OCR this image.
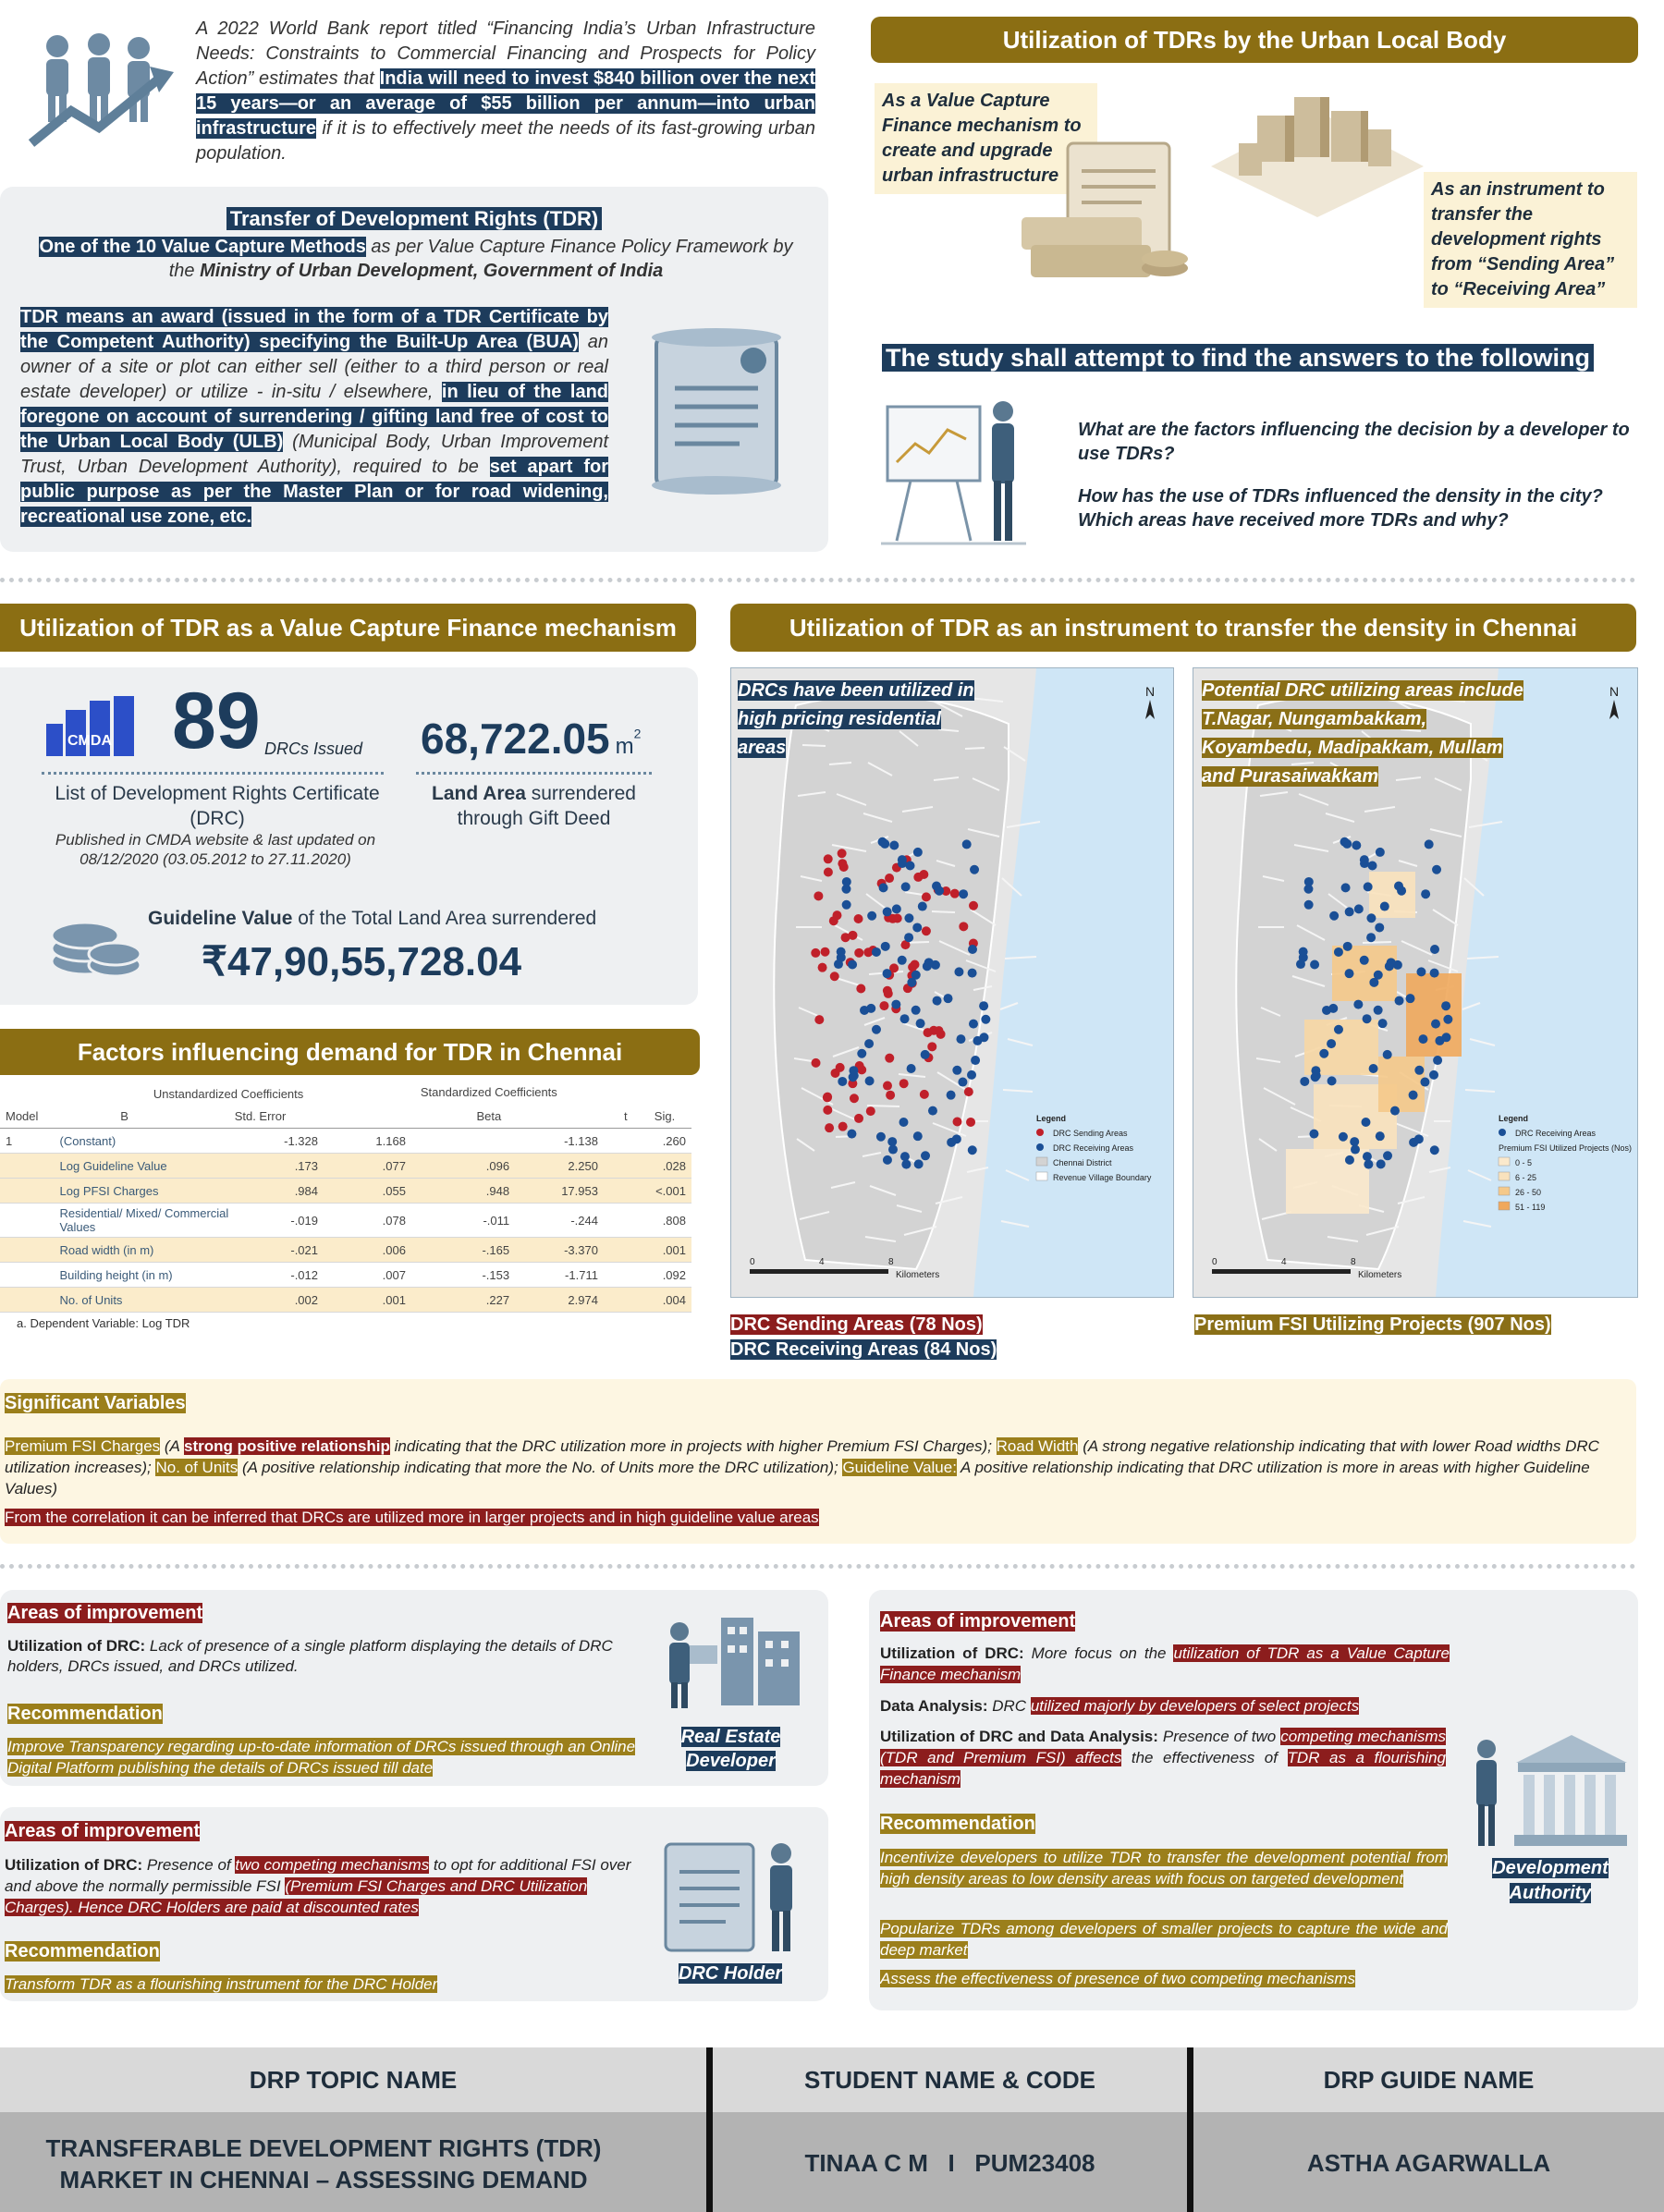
A 2022 World Bank report titled “Financing India’s Urban Infrastructure Needs: Constraints to Commercial Financing and Prospects for Policy Action” estimates that India will need to invest $840 billion over the next 15 years—or an average of $55 billion per annum—into urban infrastructure if it is to effectively meet the needs of its fast-growing urban population.
Transfer of Development Rights (TDR)
One of the 10 Value Capture Methods as per Value Capture Finance Policy Framework by the Ministry of Urban Development, Government of India
TDR means an award (issued in the form of a TDR Certificate by the Competent Authority) specifying the Built-Up Area (BUA) an owner of a site or plot can either sell (either to a third person or real estate developer) or utilize - in-situ / elsewhere, in lieu of the land foregone on account of surrendering / gifting land free of cost to the Urban Local Body (ULB) (Municipal Body, Urban Improvement Trust, Urban Development Authority), required to be set apart for public purpose as per the Master Plan or for road widening, recreational use zone, etc.
Utilization of TDRs by the Urban Local Body
As a Value Capture Finance mechanism to create and upgrade urban infrastructure
As an instrument to transfer the development rights from “Sending Area” to “Receiving Area”
The study shall attempt to find the answers to the following
What are the factors influencing the decision by a developer to use TDRs?
How has the use of TDRs influenced the density in the city? Which areas have received more TDRs and why?
Utilization of TDR as a Value Capture Finance mechanism
CMDA 89 DRCs Issued
List of Development Rights Certificate (DRC)
Published in CMDA website & last updated on 08/12/2020 (03.05.2012 to 27.11.2020)
68,722.05 $m^2$
Land Area surrendered through Gift Deed
Guideline Value of the Total Land Area surrendered
₹47,90,55,728.04
Factors influencing demand for TDR in Chennai
		Unstandardized Coefficients		Standardized Coefficients		
Model		B	Std. Error	Beta	t	Sig.
1	(Constant)	-1.328	1.168		-1.138	.260
	Log Guideline Value	.173	.077	.096	2.250	.028
	Log PFSI Charges	.984	.055	.948	17.953	<.001
	Residential/ Mixed/ Commercial Values	-.019	.078	-.011	-.244	.808
	Road width (in m)	-.021	.006	-.165	-3.370	.001
	Building height (in m)	-.012	.007	-.153	-1.711	.092
	No. of Units	.002	.001	.227	2.974	.004
a. Dependent Variable: Log TDR
Utilization of TDR as an instrument to transfer the density in Chennai
N
0	4	8
Kilometers
Legend
DRC Sending Areas
DRC Receiving Areas
Chennai District
Revenue Village Boundary
DRCs have been utilized in high pricing residential areas
N
0	4	8
Kilometers
Legend
DRC Receiving Areas
Premium FSI Utilized Projects (Nos)
0 - 5
6 - 25
26 - 50
51 - 119
Potential DRC utilizing areas include T.Nagar, Nungambakkam, Koyambedu, Madipakkam, Mullam and Purasaiwakkam
DRC Sending Areas (78 Nos)
DRC Receiving Areas (84 Nos)
Premium FSI Utilizing Projects (907 Nos)
Significant Variables
Premium FSI Charges (A strong positive relationship indicating that the DRC utilization more in projects with higher Premium FSI Charges); Road Width (A strong negative relationship indicating that with lower Road widths DRC utilization increases); No. of Units (A positive relationship indicating that more the No. of Units more the DRC utilization); Guideline Value: A positive relationship indicating that DRC utilization is more in areas with higher Guideline Values)
From the correlation it can be inferred that DRCs are utilized more in larger projects and in high guideline value areas
Areas of improvement
Utilization of DRC: Lack of presence of a single platform displaying the details of DRC holders, DRCs issued, and DRCs utilized.
Recommendation
Improve Transparency regarding up-to-date information of DRCs issued through an Online Digital Platform publishing the details of DRCs issued till date
Real Estate Developer
Areas of improvement
Utilization of DRC: Presence of two competing mechanisms to opt for additional FSI over and above the normally permissible FSI (Premium FSI Charges and DRC Utilization Charges). Hence DRC Holders are paid at discounted rates
Recommendation
Transform TDR as a flourishing instrument for the DRC Holder
DRC Holder
Areas of improvement
Utilization of DRC: More focus on the utilization of TDR as a Value Capture Finance mechanism
Data Analysis: DRC utilized majorly by developers of select projects
Utilization of DRC and Data Analysis: Presence of two competing mechanisms (TDR and Premium FSI) affects the effectiveness of TDR as a flourishing mechanism
Recommendation
Incentivize developers to utilize TDR to transfer the development potential from high density areas to low density areas with focus on targeted development
Popularize TDRs among developers of smaller projects to capture the wide and deep market
Assess the effectiveness of presence of two competing mechanisms
Development Authority
DRP TOPIC NAME	STUDENT NAME & CODE	DRP GUIDE NAME
TRANSFERABLE DEVELOPMENT RIGHTS (TDR) MARKET IN CHENNAI – ASSESSING DEMAND
TINAA C M   I   PUM23408	ASTHA AGARWALLA
